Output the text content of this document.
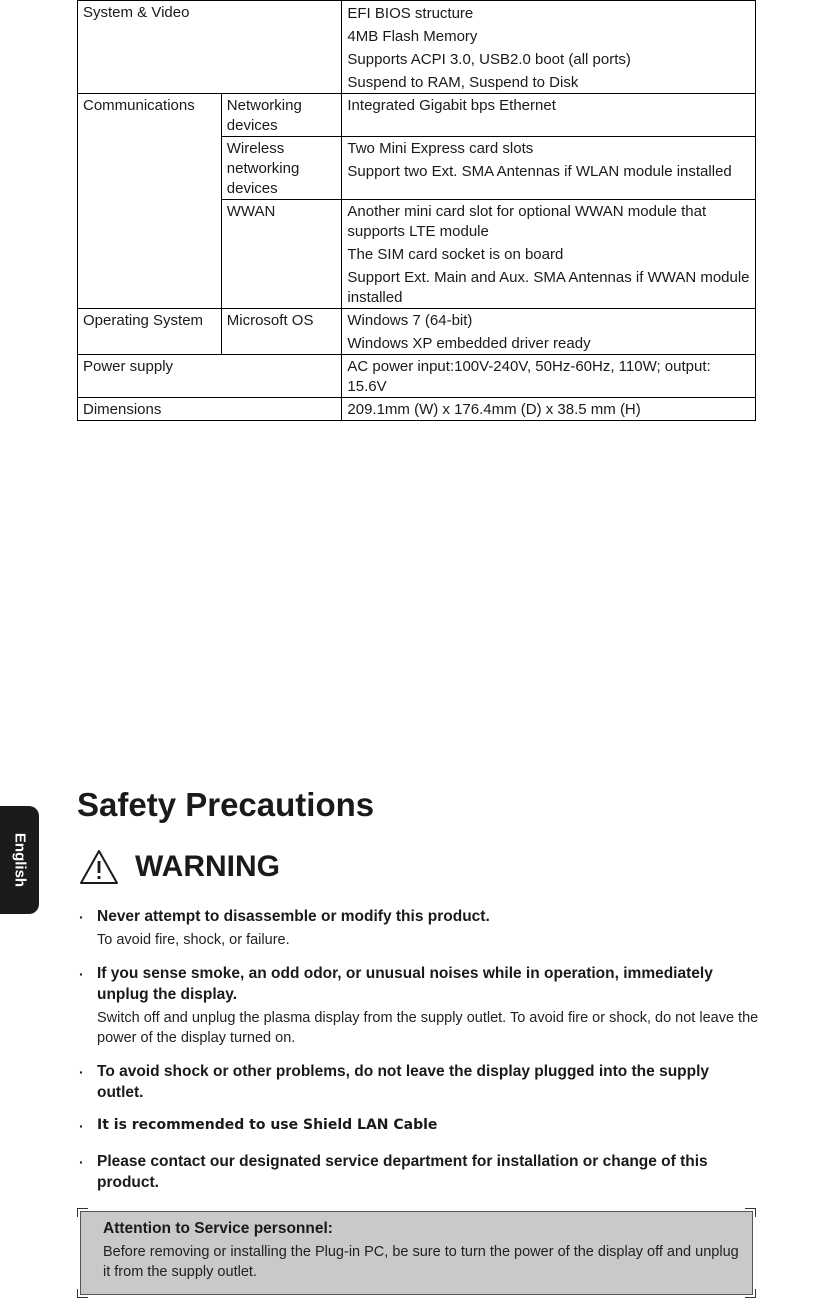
System & Video		EFI BIOS structure
4MB Flash Memory
Supports ACPI 3.0, USB2.0 boot (all ports)
Suspend to RAM, Suspend to Disk

Communications	Networking devices	Integrated Gigabit bps Ethernet

	Wireless networking devices	Two Mini Express card slots
Support two Ext. SMA Antennas if WLAN module installed

	WWAN	Another mini card slot for optional WWAN module that supports LTE module
The SIM card socket is on board
Support Ext. Main and Aux. SMA Antennas if WWAN module installed

Operating System	Microsoft OS	Windows 7 (64-bit)
Windows XP embedded driver ready

Power supply		AC power input:100V-240V, 50Hz-60Hz, 110W; output: 15.6V

Dimensions		209.1mm (W) x 176.4mm (D) x 38.5 mm (H)
English
Safety Precautions
WARNING
· Never attempt to disassemble or modify this product.
To avoid fire, shock, or failure.
· If you sense smoke, an odd odor, or unusual noises while in operation, immediately unplug the display.
Switch off and unplug the plasma display from the supply outlet. To avoid fire or shock, do not leave the power of the display turned on.
· To avoid shock or other problems, do not leave the display plugged into the supply outlet.
· It is recommended to use Shield LAN Cable
· Please contact our designated service department for installation or change of this product.
Attention to Service personnel:
Before removing or installing the Plug-in PC, be sure to turn the power of the display off and unplug it from the supply outlet.
